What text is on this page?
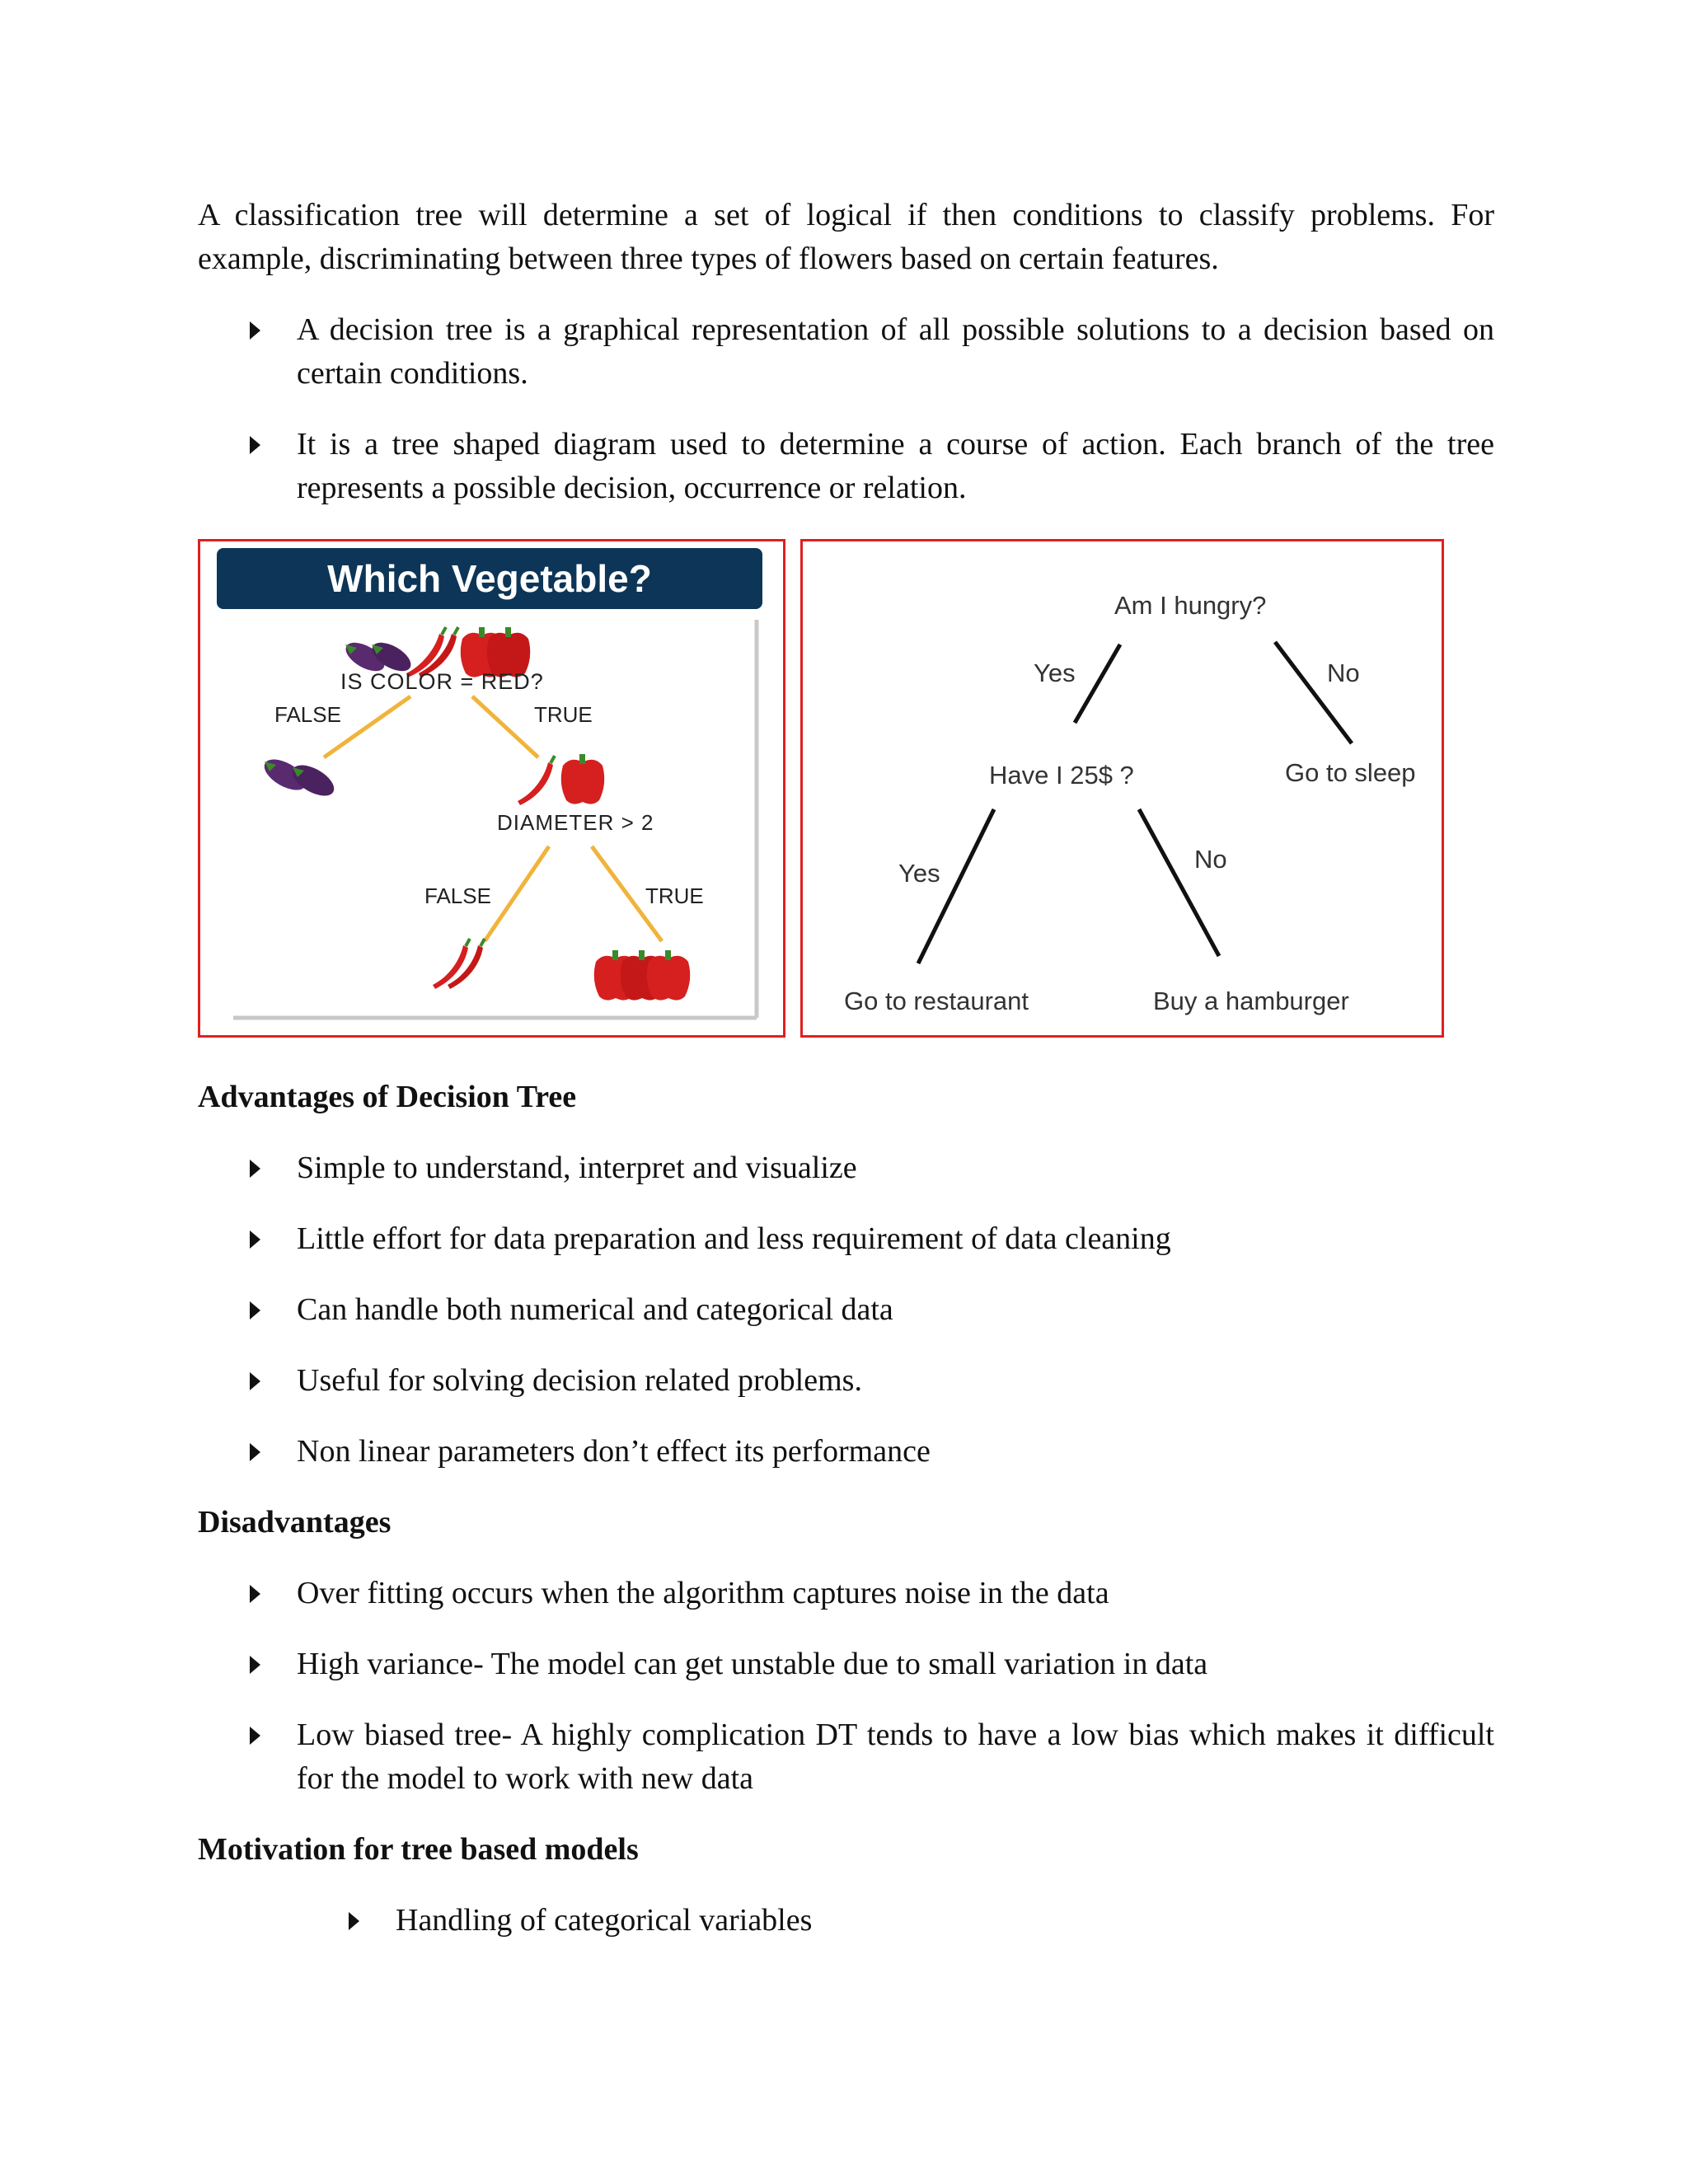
A classification tree will determine a set of logical if then conditions to classify problems. For example, discriminating between three types of flowers based on certain features.
A decision tree is a graphical representation of all possible solutions to a decision based on certain conditions.
It is a tree shaped diagram used to determine a course of action. Each branch of the tree represents a possible decision, occurrence or relation.
Which Vegetable?
IS COLOR = RED?
FALSE	TRUE
DIAMETER > 2
FALSE	TRUE
Am I hungry?
Yes	No
Have I 25$ ?	Go to sleep
Yes	No
Go to restaurant	Buy a hamburger
Advantages of Decision Tree
Simple to understand, interpret and visualize
Little effort for data preparation and less requirement of data cleaning
Can handle both numerical and categorical data
Useful for solving decision related problems.
Non linear parameters don’t effect its performance
Disadvantages
Over fitting occurs when the algorithm captures noise in the data
High variance- The model can get unstable due to small variation in data
Low biased tree- A highly complication DT tends to have a low bias which makes it difficult for the model to work with new data
Motivation for tree based models
Handling of categorical variables
